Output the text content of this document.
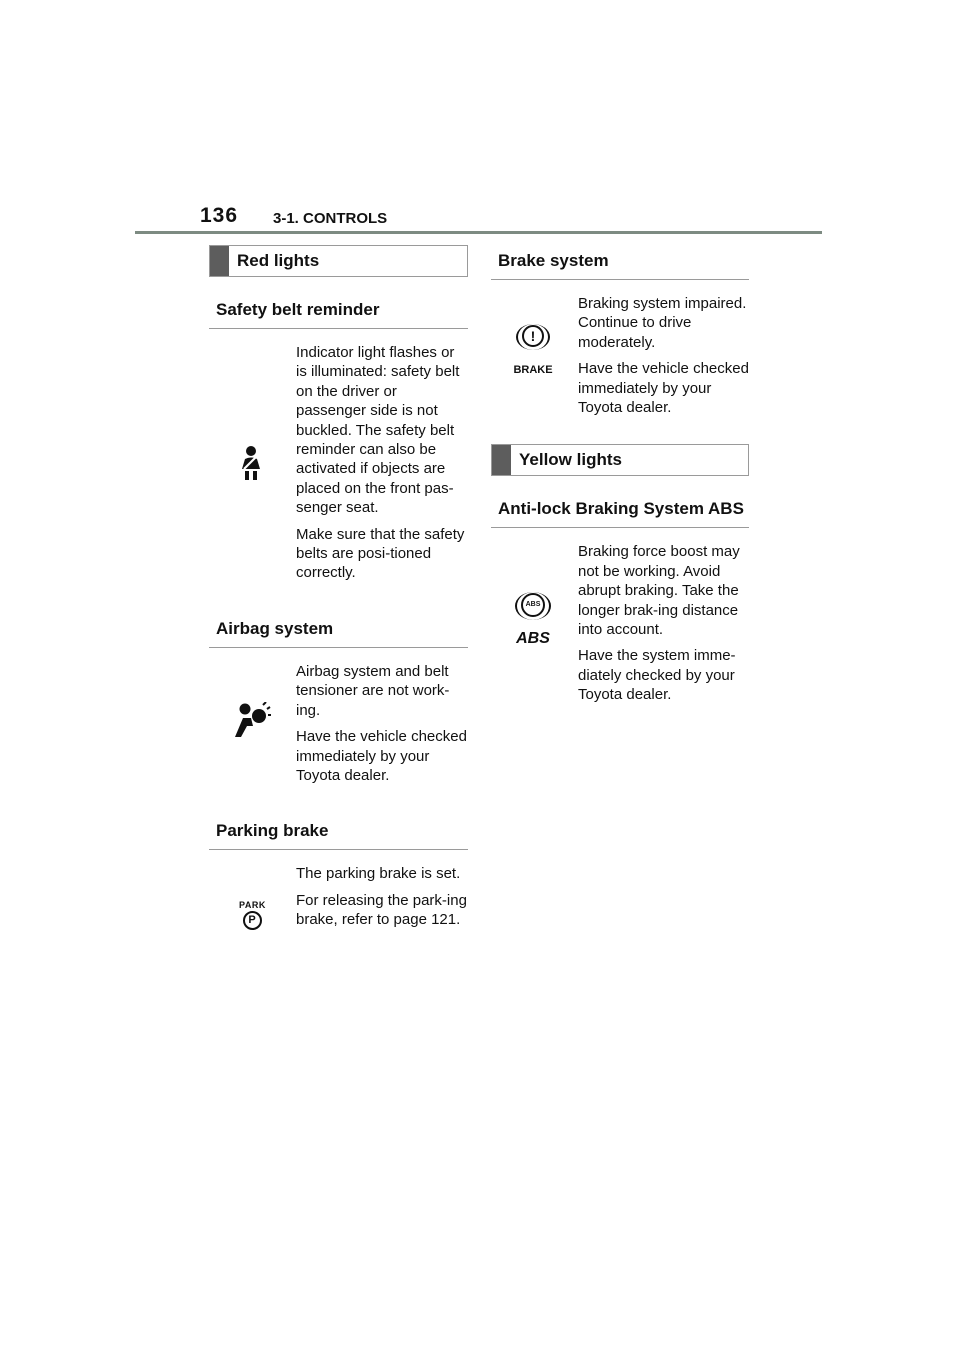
136 3-1. CONTROLS
Red lights
Safety belt reminder

Indicator light flashes or is illuminated: safety belt on the driver or passenger side is not buckled. The safety belt reminder can also be activated if objects are placed on the front pas-senger seat.

Make sure that the safety belts are posi-tioned correctly.

Airbag system

Airbag system and belt tensioner are not work-ing.

Have the vehicle checked immediately by your Toyota dealer.

Parking brake
PARK
P

The parking brake is set.

For releasing the park-ing brake, refer to page 121.

Brake system
!
BRAKE

Braking system impaired. Continue to drive moderately.

Have the vehicle checked immediately by your Toyota dealer.

Yellow lights
Anti-lock Braking System ABS
ABS
ABS

Braking force boost may not be working. Avoid abrupt braking. Take the longer brak-ing distance into account.

Have the system imme-diately checked by your Toyota dealer.
